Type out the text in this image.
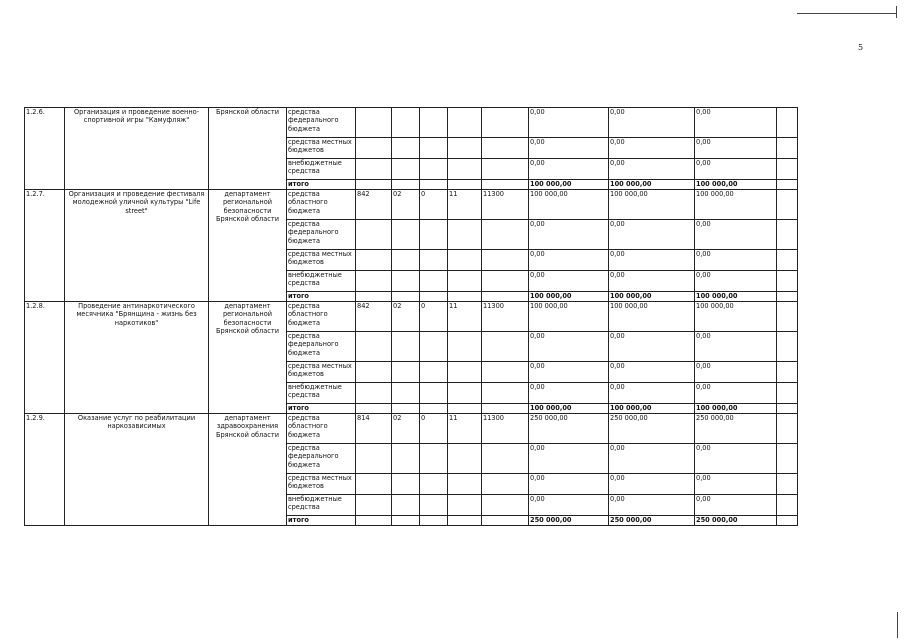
5
1.2.6.	Организация и проведение военно-спортивной игры "Камуфляж"	Брянской области	средства федерального бюджета						0,00	0,00	0,00	
			средства местных бюджетов						0,00	0,00	0,00	
			внебюджетные средства						0,00	0,00	0,00	
			итого						100 000,00	100 000,00	100 000,00	
1.2.7.	Организация и проведение фестиваля молодежной уличной культуры "Life street"	департамент региональной безопасности Брянской области	средства областного бюджета	842	02	0	11	11300	100 000,00	100 000,00	100 000,00	
			средства федерального бюджета						0,00	0,00	0,00	
			средства местных бюджетов						0,00	0,00	0,00	
			внебюджетные средства						0,00	0,00	0,00	
			итого						100 000,00	100 000,00	100 000,00	
1.2.8.	Проведение антинаркотического месячника "Брянщина - жизнь без наркотиков"	департамент региональной безопасности Брянской области	средства областного бюджета	842	02	0	11	11300	100 000,00	100 000,00	100 000,00	
			средства федерального бюджета						0,00	0,00	0,00	
			средства местных бюджетов						0,00	0,00	0,00	
			внебюджетные средства						0,00	0,00	0,00	
			итого						100 000,00	100 000,00	100 000,00	
1.2.9.	Оказание услуг по реабилитации наркозависимых	департамент здравоохранения Брянской области	средства областного бюджета	814	02	0	11	11300	250 000,00	250 000,00	250 000,00	
			средства федерального бюджета						0,00	0,00	0,00	
			средства местных бюджетов						0,00	0,00	0,00	
			внебюджетные средства						0,00	0,00	0,00	
			итого						250 000,00	250 000,00	250 000,00	
